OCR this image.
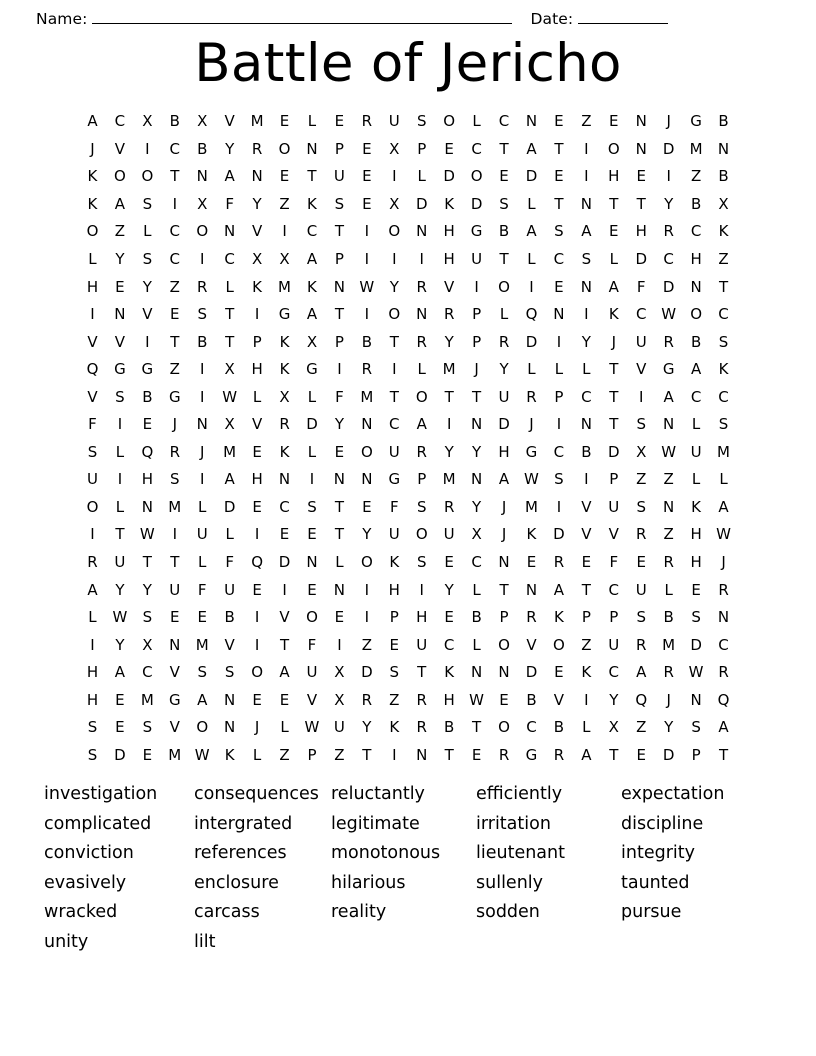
Name:	Date:
Battle of Jericho
A	C	X	B	X	V	M	E	L	E	R	U	S	O	L	C	N	E	Z	E	N	J	G	B
J	V	I	C	B	Y	R	O	N	P	E	X	P	E	C	T	A	T	I	O	N	D	M	N
K	O	O	T	N	A	N	E	T	U	E	I	L	D	O	E	D	E	I	H	E	I	Z	B
K	A	S	I	X	F	Y	Z	K	S	E	X	D	K	D	S	L	T	N	T	T	Y	B	X
O	Z	L	C	O	N	V	I	C	T	I	O	N	H	G	B	A	S	A	E	H	R	C	K
L	Y	S	C	I	C	X	X	A	P	I	I	I	H	U	T	L	C	S	L	D	C	H	Z
H	E	Y	Z	R	L	K	M	K	N W	Y	R	V	I	O	I	E	N	A	F	D	N	T
I	N	V	E	S	T	I	G	A	T	I	O	N	R	P	L	Q	N	I	K	C W O	C
V	V	I	T	B	T	P	K	X	P	B	T	R	Y	P	R	D	I	Y	J	U	R	B	S
Q	G	G	Z	I	X	H	K	G	I	R	I	L	M	J	Y	L	L	L	T	V	G	A	K
V	S	B	G	I	W	L	X	L	F	M	T	O	T	T	U	R	P	C	T	I	A	C	C
F	I	E	J	N	X	V	R	D	Y	N	C	A	I	N	D	J	I	N	T	S	N	L	S
S	L	Q	R	J	M	E	K	L	E	O	U	R	Y	Y	H	G	C	B	D	X W U	M
U	I	H	S	I	A	H	N	I	N	N	G	P	M	N	A W	S	I	P	Z	Z	L	L
O	L	N	M	L	D	E	C	S	T	E	F	S	R	Y	J	M	I	V	U	S	N	K	A
I	T	W	I	U	L	I	E	E	T	Y	U	O	U	X	J	K	D	V	V	R	Z	H W
R	U	T	T	L	F	Q	D	N	L	O	K	S	E	C	N	E	R	E	F	E	R	H	J
A	Y	Y	U	F	U	E	I	E	N	I	H	I	Y	L	T	N	A	T	C	U	L	E	R
L	W	S	E	E	B	I	V	O	E	I	P	H	E	B	P	R	K	P	P	S	B	S	N
I	Y	X	N	M	V	I	T	F	I	Z	E	U	C	L	O	V	O	Z	U	R	M	D	C
H	A	C	V	S	S	O	A	U	X	D	S	T	K	N	N	D	E	K	C	A	R W R
H	E	M	G	A	N	E	E	V	X	R	Z	R	H W	E	B	V	I	Y	Q	J	N	Q
S	E	S	V	O	N	J	L	W U	Y	K	R	B	T	O	C	B	L	X	Z	Y	S	A
S	D	E	M W	K	L	Z	P	Z	T	I	N	T	E	R	G	R	A	T	E	D	P	T
investigation
complicated
conviction
evasively
wracked
unity
consequences
intergrated
references
enclosure
carcass
lilt
reluctantly
legitimate
monotonous
hilarious
reality
efficiently
irritation
lieutenant
sullenly
sodden
expectation
discipline
integrity
taunted
pursue
